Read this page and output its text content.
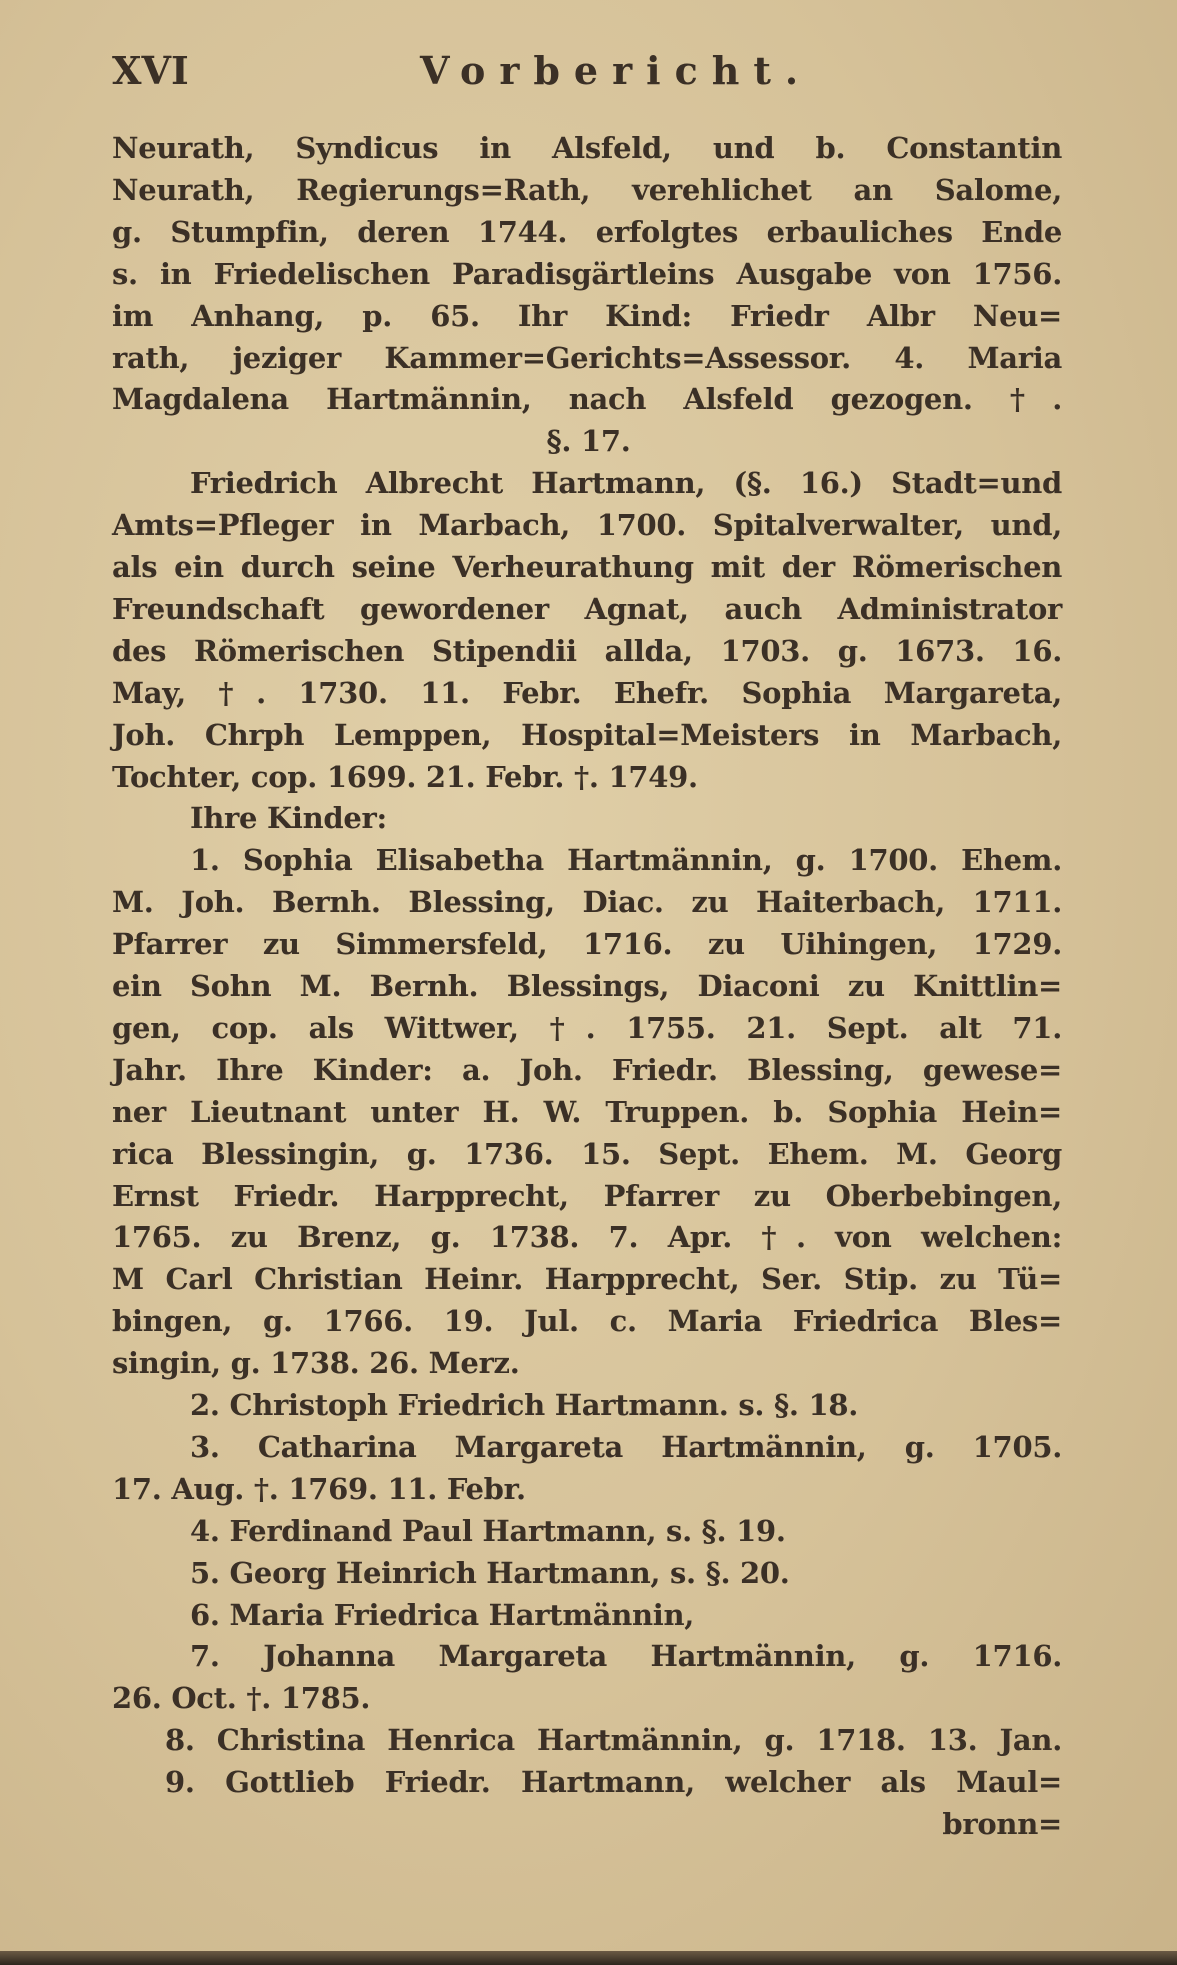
XVI	Vorbericht.
Neurath, Syndicus in Alsfeld, und b. Constantin
Neurath, Regierungs=Rath, verehlichet an Salome,
g. Stumpfin, deren 1744. erfolgtes erbauliches Ende
s. in Friedelischen Paradisgärtleins Ausgabe von 1756.
im Anhang, p. 65. Ihr Kind: Friedr Albr Neu=
rath, jeziger Kammer=Gerichts=Assessor. 4. Maria
Magdalena Hartmännin, nach Alsfeld gezogen. †.
§. 17.
Friedrich Albrecht Hartmann, (§. 16.) Stadt=und
Amts=Pfleger in Marbach, 1700. Spitalverwalter, und,
als ein durch seine Verheurathung mit der Römerischen
Freundschaft gewordener Agnat, auch Administrator
des Römerischen Stipendii allda, 1703. g. 1673. 16.
May, †. 1730. 11. Febr. Ehefr. Sophia Margareta,
Joh. Chrph Lemppen, Hospital=Meisters in Marbach,
Tochter, cop. 1699. 21. Febr. †. 1749.
Ihre Kinder:
1. Sophia Elisabetha Hartmännin, g. 1700. Ehem.
M. Joh. Bernh. Blessing, Diac. zu Haiterbach, 1711.
Pfarrer zu Simmersfeld, 1716. zu Uihingen, 1729.
ein Sohn M. Bernh. Blessings, Diaconi zu Knittlin=
gen, cop. als Wittwer, †. 1755. 21. Sept. alt 71.
Jahr. Ihre Kinder: a. Joh. Friedr. Blessing, gewese=
ner Lieutnant unter H. W. Truppen. b. Sophia Hein=
rica Blessingin, g. 1736. 15. Sept. Ehem. M. Georg
Ernst Friedr. Harpprecht, Pfarrer zu Oberbebingen,
1765. zu Brenz, g. 1738. 7. Apr. †. von welchen:
M Carl Christian Heinr. Harpprecht, Ser. Stip. zu Tü=
bingen, g. 1766. 19. Jul. c. Maria Friedrica Bles=
singin, g. 1738. 26. Merz.
2. Christoph Friedrich Hartmann. s. §. 18.
3. Catharina Margareta Hartmännin, g. 1705.
17. Aug. †. 1769. 11. Febr.
4. Ferdinand Paul Hartmann, s. §. 19.
5. Georg Heinrich Hartmann, s. §. 20.
6. Maria Friedrica Hartmännin,
7. Johanna Margareta Hartmännin, g. 1716.
26. Oct. †. 1785.
8. Christina Henrica Hartmännin, g. 1718. 13. Jan.
9. Gottlieb Friedr. Hartmann, welcher als Maul=
bronn=
